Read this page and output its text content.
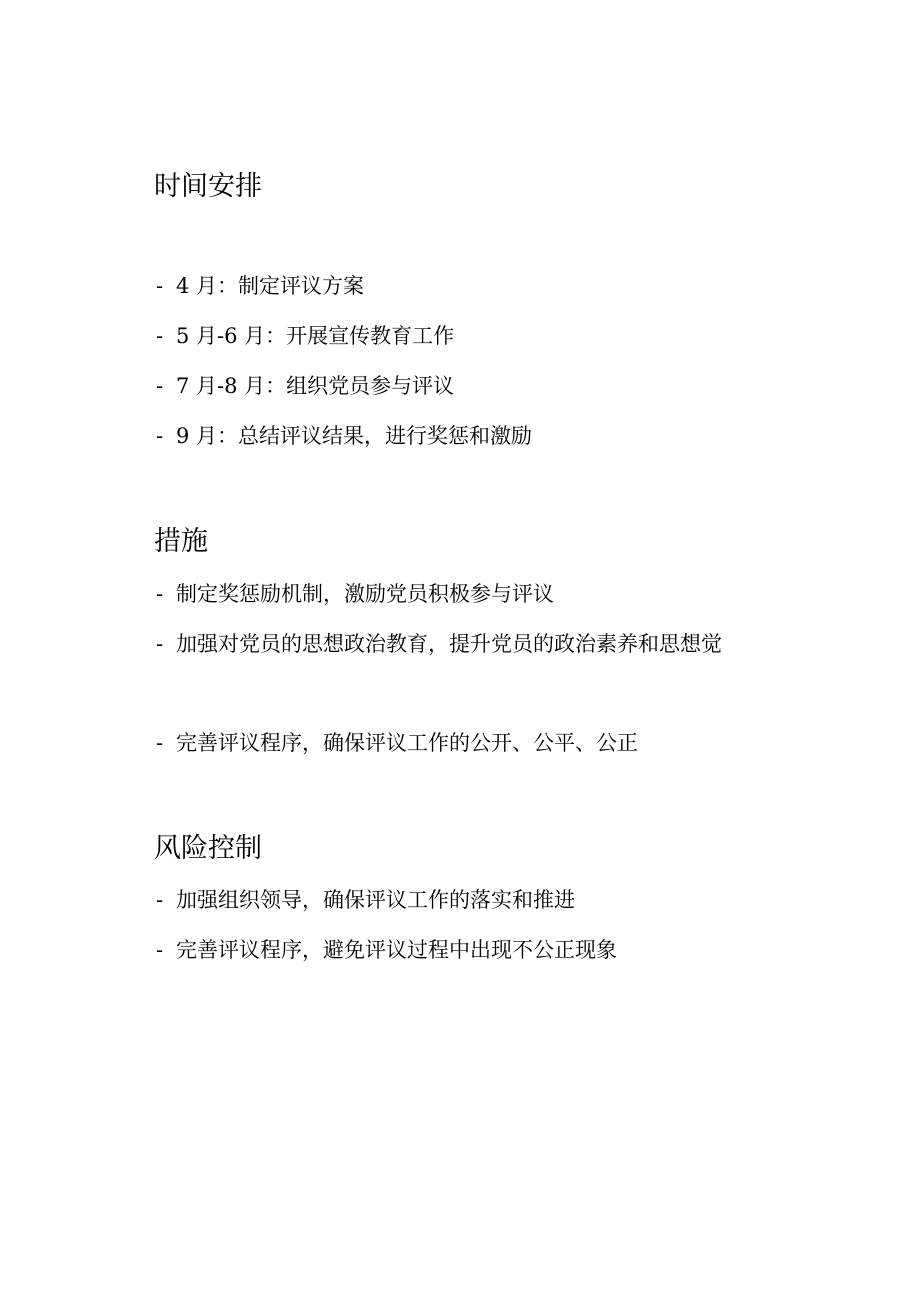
时间安排

- 4 月：制定评议方案

- 5 月-6 月：开展宣传教育工作

- 7 月-8 月：组织党员参与评议

- 9 月：总结评议结果，进行奖惩和激励

措施

- 制定奖惩励机制，激励党员积极参与评议

- 加强对党员的思想政治教育，提升党员的政治素养和思想觉

- 完善评议程序，确保评议工作的公开、公平、公正

风险控制

- 加强组织领导，确保评议工作的落实和推进

- 完善评议程序，避免评议过程中出现不公正现象
